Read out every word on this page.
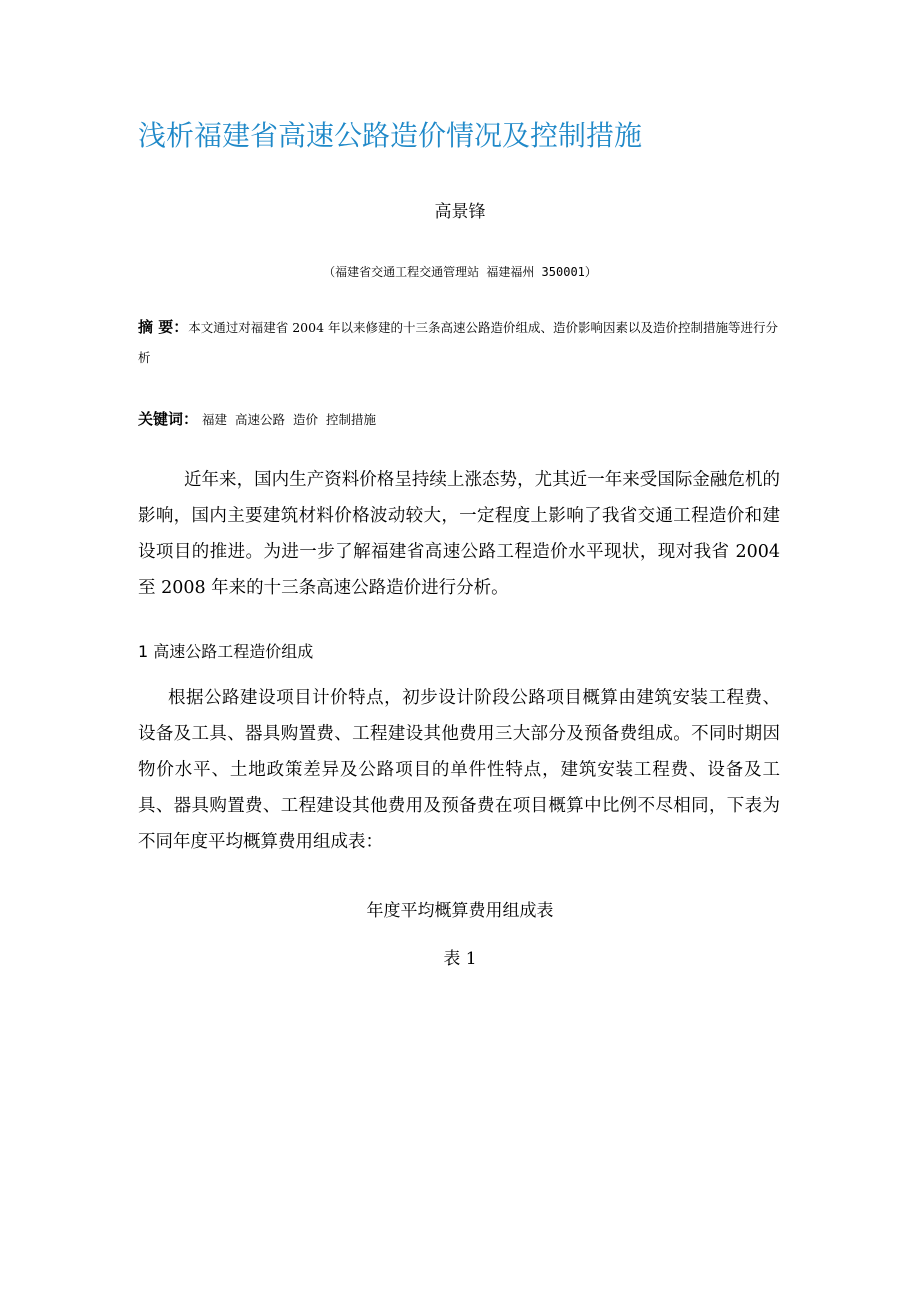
浅析福建省高速公路造价情况及控制措施
高景锋
（福建省交通工程交通管理站 福建福州 350001）
摘 要：本文通过对福建省 2004 年以来修建的十三条高速公路造价组成、造价影响因素以及造价控制措施等进行分析
关键词： 福建 高速公路 造价 控制措施
近年来，国内生产资料价格呈持续上涨态势，尤其近一年来受国际金融危机的影响，国内主要建筑材料价格波动较大，一定程度上影响了我省交通工程造价和建设项目的推进。为进一步了解福建省高速公路工程造价水平现状，现对我省 2004 至 2008 年来的十三条高速公路造价进行分析。
1 高速公路工程造价组成
根据公路建设项目计价特点，初步设计阶段公路项目概算由建筑安装工程费、设备及工具、器具购置费、工程建设其他费用三大部分及预备费组成。不同时期因物价水平、土地政策差异及公路项目的单件性特点，建筑安装工程费、设备及工具、器具购置费、工程建设其他费用及预备费在项目概算中比例不尽相同，下表为不同年度平均概算费用组成表：
年度平均概算费用组成表
表 1
